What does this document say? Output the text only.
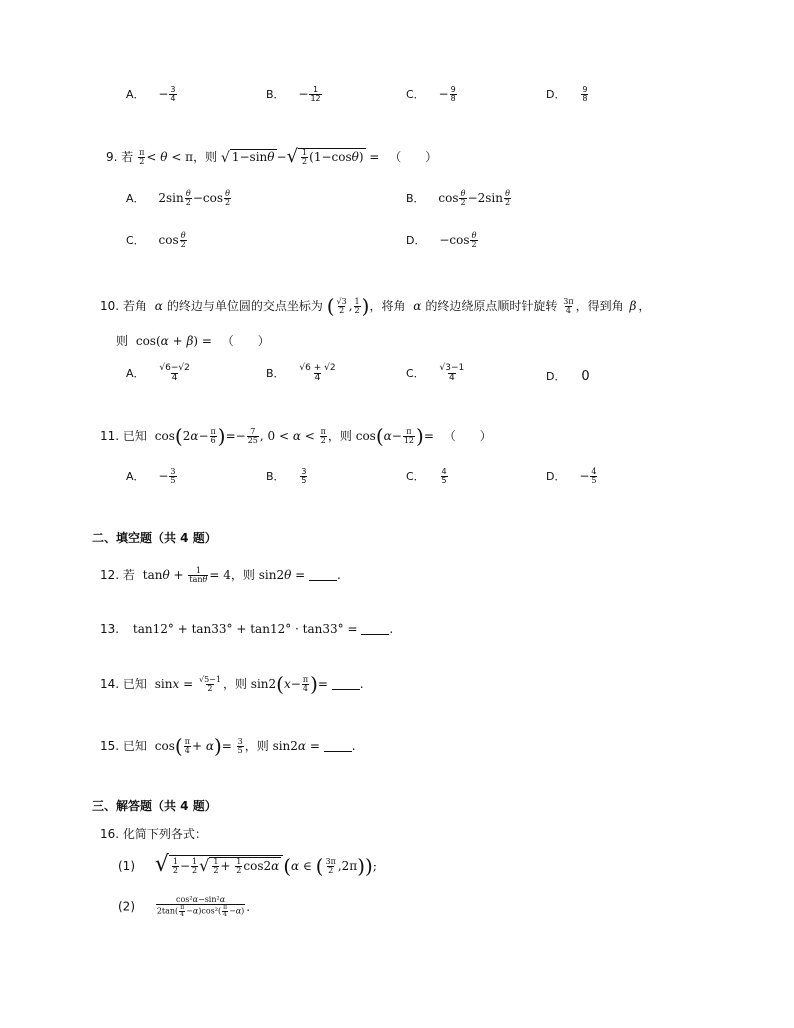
A． − $\frac{3}{4}$	B． − $\frac{1}{12}$	C． − $\frac{9}{8}$	D． $\frac{9}{8}$
9. 若 $\frac{\pi}{2} < \theta < \pi$，则 √ 1−sinθ −√ $\frac{1}{2} (1-\cos\theta)$ = （　　）
A． $2\sin \frac{\theta}{2} -\cos \frac{\theta}{2}$	B． $\cos \frac{\theta}{2} -2\sin \frac{\theta}{2}$
C． $\cos \frac{\theta}{2}$	D． $-\cos \frac{\theta}{2}$
10. 若角 α 的终边与单位圆的交点坐标为 ( $\frac{√3}{2}$ , $\frac{1}{2}$ )，将角 α 的终边绕原点顺时针旋转 $\frac{3\pi}{4}$ ，得到角 β ，
则 cos(α + β) = （　　）
A． $\frac{√6-√2}{4}$	B． $\frac{√6 + √2}{4}$	C． $\frac{√3-1}{4}$	D． 0
11. 已知 $\cos(2\alpha- \frac{\pi}{6}$ )=− $\frac{7}{25}$ , $0 < \alpha < \frac{\pi}{2}$ ，则 $\cos(\alpha- \frac{\pi}{12}$ )= （　　）
A． − $\frac{3}{5}$	B． $\frac{3}{5}$	C． $\frac{4}{5}$	D． − $\frac{4}{5}$
二、填空题（共 4 题）
12. 若 $\tan\theta + \frac{1}{\tan\theta} = 4$，则 sin2θ =	.
13. tan12° + tan33° + tan12° · tan33° =	.
14. 已知 $\sin x = \frac{√5-1}{2}$ ，则 $\sin 2(x- \frac{\pi}{4}$ )=	.
15. 已知 $\cos( \frac{\pi}{4} + \alpha)= \frac{3}{5}$ ，则 sin2α =	.
三、解答题（共 4 题）
16. 化简下列各式：
(1) √ $\frac{1}{2} - \frac{1}{2}$ √ $\frac{1}{2} + \frac{1}{2} \cos 2\alpha$ (α ∈ ( $\frac{3\pi}{2} ,2\pi$));
(2)	$\frac{\text{cos²α−sin²α}}{2\tan( \frac{\pi}{4} -\alpha)\cos^2( \frac{\pi}{4} -\alpha)}$ .
